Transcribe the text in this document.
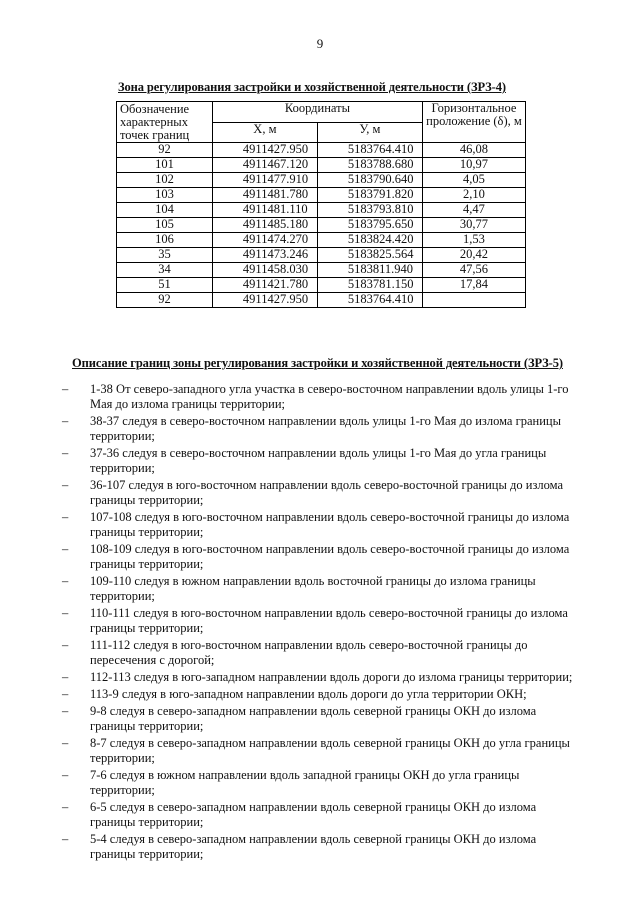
9
Зона регулирования застройки и хозяйственной деятельности (ЗРЗ-4)
Обозначение характерных точек границ	Координаты		Горизонтальное проложение (δ), м
	X, м	У, м	
92	4911427.950	5183764.410	46,08
101	4911467.120	5183788.680	10,97
102	4911477.910	5183790.640	4,05
103	4911481.780	5183791.820	2,10
104	4911481.110	5183793.810	4,47
105	4911485.180	5183795.650	30,77
106	4911474.270	5183824.420	1,53
35	4911473.246	5183825.564	20,42
34	4911458.030	5183811.940	47,56
51	4911421.780	5183781.150	17,84
92	4911427.950	5183764.410	
Описание границ зоны регулирования застройки и хозяйственной деятельности (ЗРЗ-5)
–	1-38 От северо-западного угла участка в северо-восточном направлении вдоль улицы 1-го Мая до излома границы территории;
–	38-37 следуя в северо-восточном направлении вдоль улицы 1-го Мая до излома границы территории;
–	37-36 следуя в северо-восточном направлении вдоль улицы 1-го Мая до угла границы территории;
–	36-107 следуя в юго-восточном направлении вдоль северо-восточной границы до излома границы территории;
–	107-108 следуя в юго-восточном направлении вдоль северо-восточной границы до излома границы территории;
–	108-109 следуя в юго-восточном направлении вдоль северо-восточной границы до излома границы территории;
–	109-110 следуя в южном направлении вдоль восточной границы до излома границы территории;
–	110-111 следуя в юго-восточном направлении вдоль северо-восточной границы до излома границы территории;
–	111-112 следуя в юго-восточном направлении вдоль северо-восточной границы до пересечения с дорогой;
–	112-113 следуя в юго-западном направлении вдоль дороги до излома границы территории;
–	113-9 следуя в юго-западном направлении вдоль дороги до угла территории ОКН;
–	9-8 следуя в северо-западном направлении вдоль северной границы ОКН до излома границы территории;
–	8-7 следуя в северо-западном направлении вдоль северной границы ОКН до угла границы территории;
–	7-6 следуя в южном направлении вдоль западной границы ОКН до угла границы территории;
–	6-5 следуя в северо-западном направлении вдоль северной границы ОКН до излома границы территории;
–	5-4 следуя в северо-западном направлении вдоль северной границы ОКН до излома границы территории;
